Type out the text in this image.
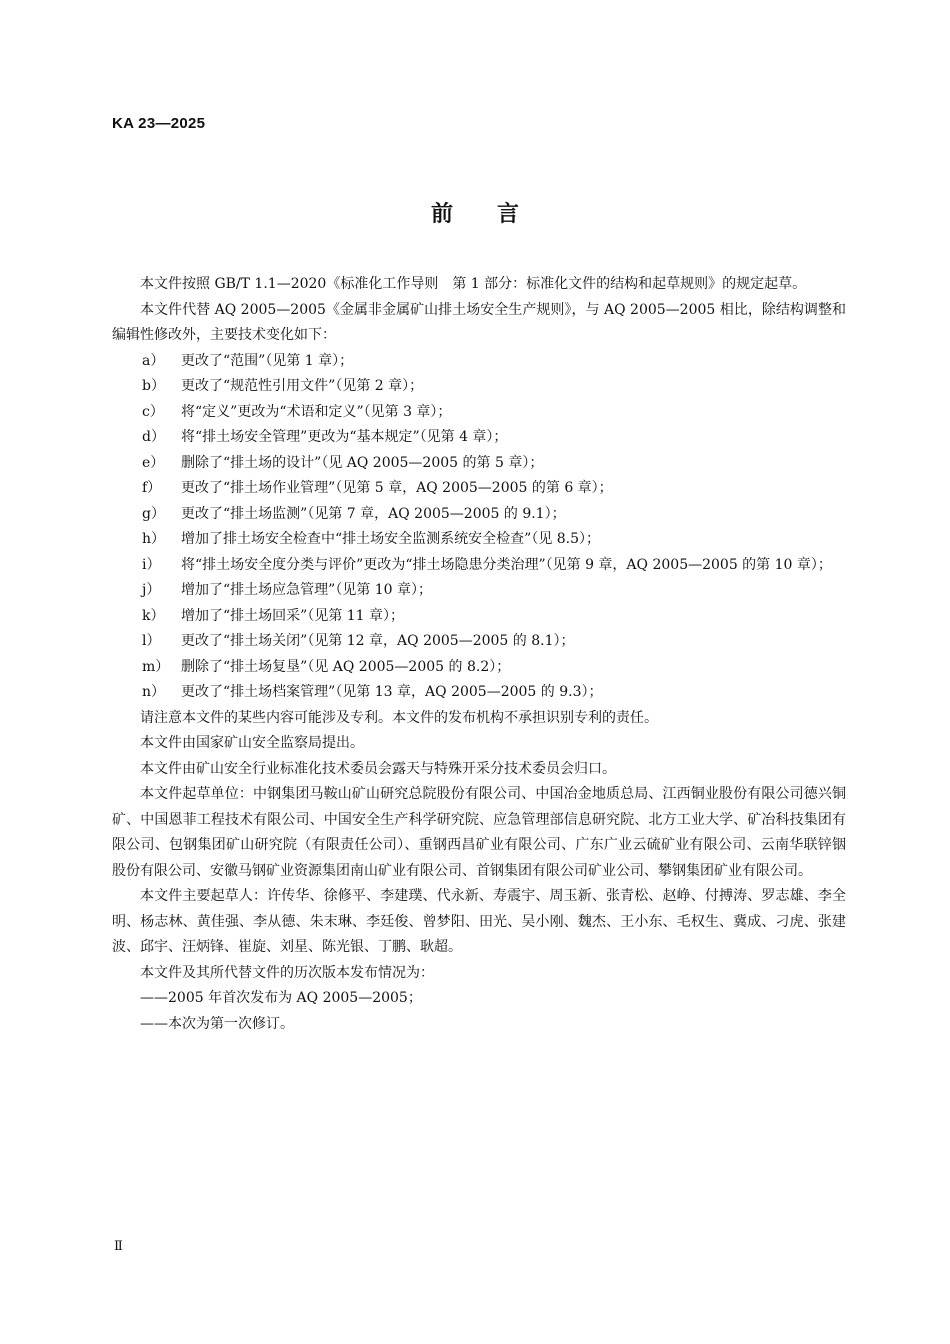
KA 23—2025
前言

本文件按照 GB/T 1.1—2020《标准化工作导则　第 1 部分：标准化文件的结构和起草规则》的规定起草。

本文件代替 AQ 2005—2005《金属非金属矿山排土场安全生产规则》，与 AQ 2005—2005 相比，除结构调整和编辑性修改外，主要技术变化如下：

a） 更改了“范围”（见第 1 章）；

b） 更改了“规范性引用文件”（见第 2 章）；

c） 将“定义”更改为“术语和定义”（见第 3 章）；

d） 将“排土场安全管理”更改为“基本规定”（见第 4 章）；

e） 删除了“排土场的设计”（见 AQ 2005—2005 的第 5 章）；

f） 更改了“排土场作业管理”（见第 5 章，AQ 2005—2005 的第 6 章）；

g） 更改了“排土场监测”（见第 7 章，AQ 2005—2005 的 9.1）；

h） 增加了排土场安全检查中“排土场安全监测系统安全检查”（见 8.5）；

i） 将“排土场安全度分类与评价”更改为“排土场隐患分类治理”（见第 9 章，AQ 2005—2005 的第 10 章）；

j） 增加了“排土场应急管理”（见第 10 章）；

k） 增加了“排土场回采”（见第 11 章）；

l） 更改了“排土场关闭”（见第 12 章，AQ 2005—2005 的 8.1）；

m） 删除了“排土场复垦”（见 AQ 2005—2005 的 8.2）；

n） 更改了“排土场档案管理”（见第 13 章，AQ 2005—2005 的 9.3）；

请注意本文件的某些内容可能涉及专利。本文件的发布机构不承担识别专利的责任。

本文件由国家矿山安全监察局提出。

本文件由矿山安全行业标准化技术委员会露天与特殊开采分技术委员会归口。

本文件起草单位：中钢集团马鞍山矿山研究总院股份有限公司、中国冶金地质总局、江西铜业股份有限公司德兴铜矿、中国恩菲工程技术有限公司、中国安全生产科学研究院、应急管理部信息研究院、北方工业大学、矿冶科技集团有限公司、包钢集团矿山研究院（有限责任公司）、重钢西昌矿业有限公司、广东广业云硫矿业有限公司、云南华联锌铟股份有限公司、安徽马钢矿业资源集团南山矿业有限公司、首钢集团有限公司矿业公司、攀钢集团矿业有限公司。

本文件主要起草人：许传华、徐修平、李建璞、代永新、寿震宇、周玉新、张青松、赵峥、付搏涛、罗志雄、李全明、杨志林、黄佳强、李从德、朱末琳、李廷俊、曾梦阳、田光、吴小刚、魏杰、王小东、毛权生、冀成、刁虎、张建波、邱宇、汪炳锋、崔旋、刘星、陈光银、丁鹏、耿超。

本文件及其所代替文件的历次版本发布情况为：

——2005 年首次发布为 AQ 2005—2005；

——本次为第一次修订。

Ⅱ
